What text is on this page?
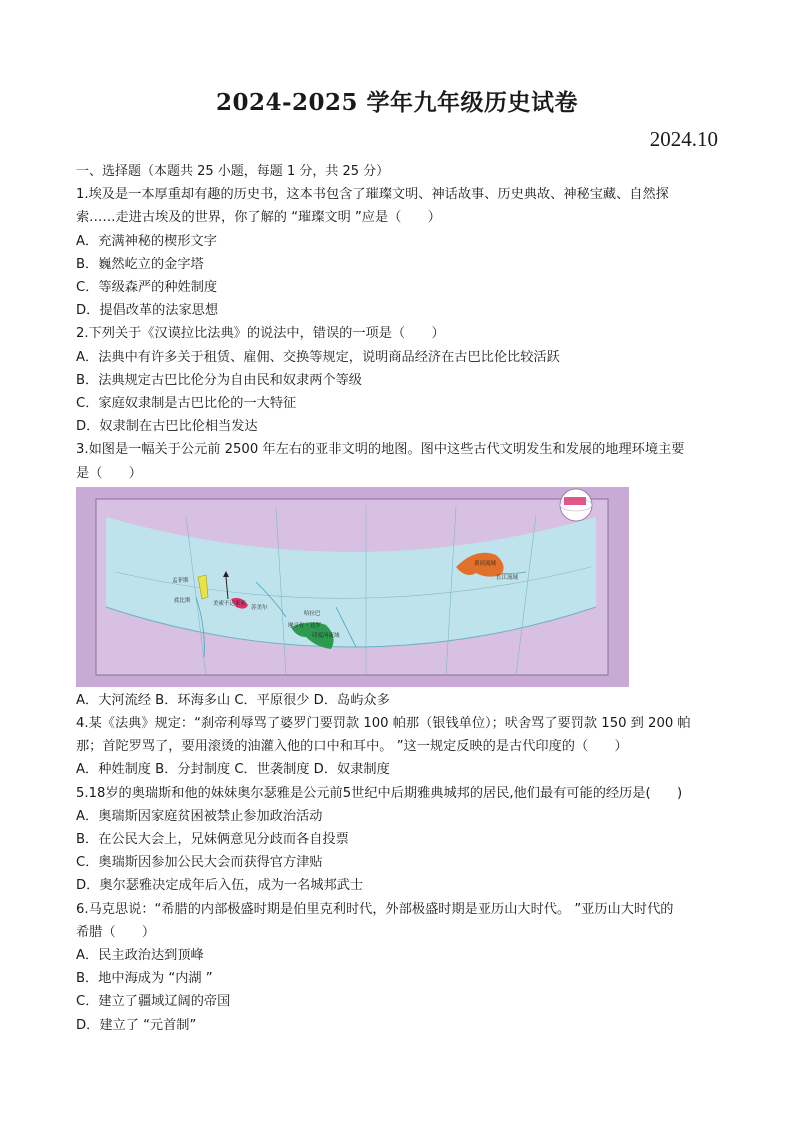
2024-2025 学年九年级历史试卷
2024.10
一、选择题（本题共 25 小题，每题 1 分，共 25 分）
1.埃及是一本厚重却有趣的历史书，这本书包含了璀璨文明、神话故事、历史典故、神秘宝藏、自然探
索……走进古埃及的世界，你了解的 “璀璨文明 ”应是（　　）
A．充满神秘的楔形文字
B．巍然屹立的金字塔
C．等级森严的种姓制度
D．提倡改革的法家思想
2.下列关于《汉谟拉比法典》的说法中，错误的一项是（　　）
A．法典中有许多关于租赁、雇佣、交换等规定，说明商品经济在古巴比伦比较活跃
B．法典规定古巴比伦分为自由民和奴隶两个等级
C．家庭奴隶制是古巴比伦的一大特征
D．奴隶制在古巴比伦相当发达
3.如图是一幅关于公元前 2500 年左右的亚非文明的地图。图中这些古代文明发生和发展的地理环境主要
是（　　）
孟菲斯
底比斯	美索不达米亚
苏美尔
摩亨佐・达罗
哈拉巴
印度河流域
黄河流域
长江流域
A．大河流经 B．环海多山 C．平原很少 D．岛屿众多
4.某《法典》规定：“刹帝利辱骂了婆罗门要罚款 100 帕那（银钱单位）；吠舍骂了要罚款 150 到 200 帕
那；首陀罗骂了，要用滚烫的油灌入他的口中和耳中。 ”这一规定反映的是古代印度的（　　）
A．种姓制度 B．分封制度 C．世袭制度 D．奴隶制度
5.18岁的奥瑞斯和他的妹妹奥尔瑟雅是公元前5世纪中后期雅典城邦的居民,他们最有可能的经历是(　　)
A．奥瑞斯因家庭贫困被禁止参加政治活动
B．在公民大会上，兄妹俩意见分歧而各自投票
C．奥瑞斯因参加公民大会而获得官方津贴
D．奥尔瑟雅决定成年后入伍，成为一名城邦武士
6.马克思说：“希腊的内部极盛时期是伯里克利时代，外部极盛时期是亚历山大时代。 ”亚历山大时代的
希腊（　　）
A．民主政治达到顶峰
B．地中海成为 “内湖 ”
C．建立了疆域辽阔的帝国
D．建立了 “元首制”
